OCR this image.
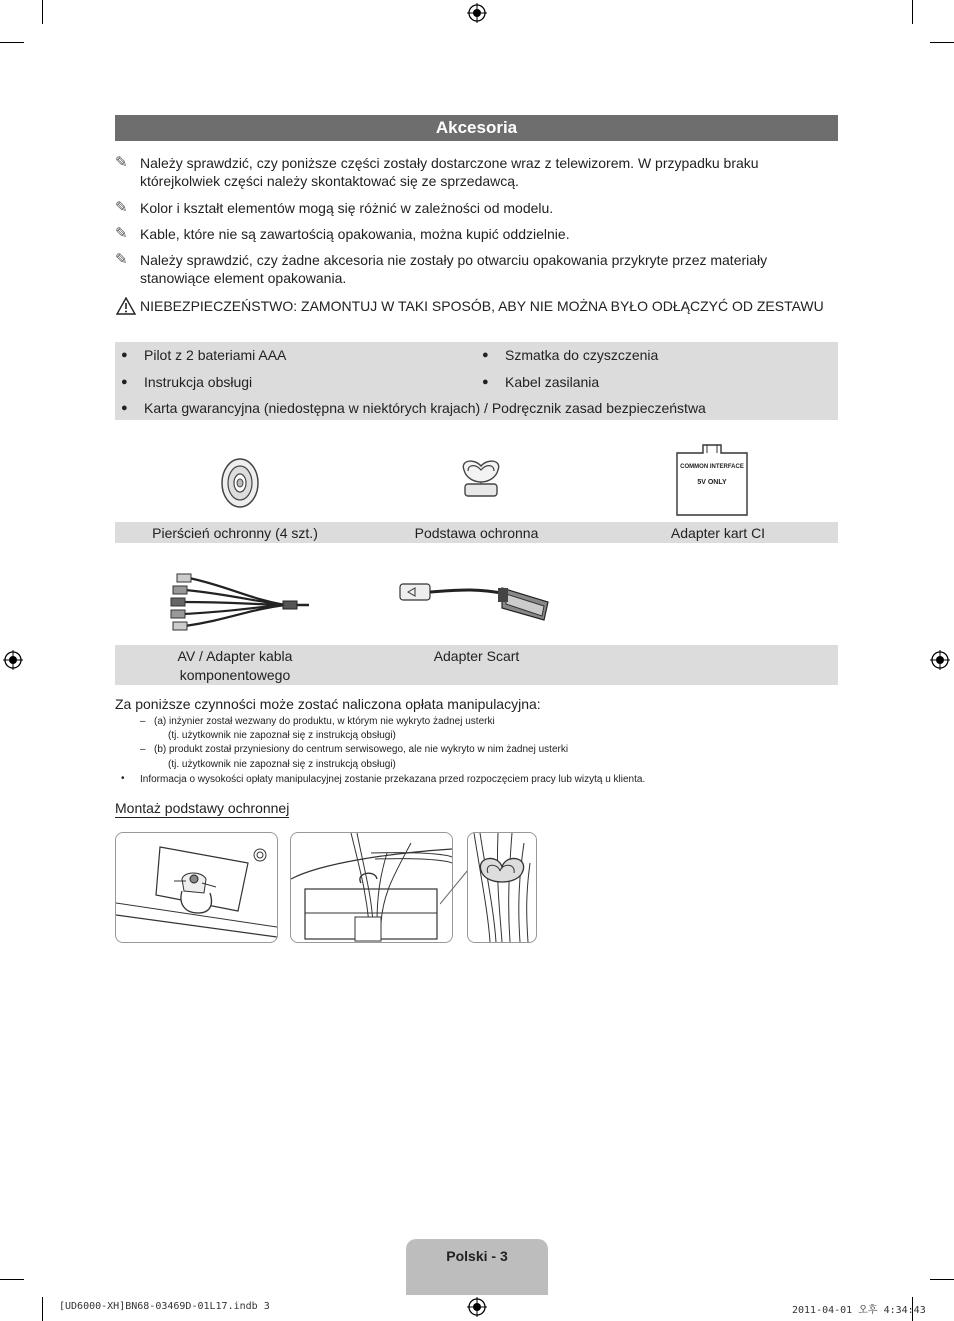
Akcesoria
✎ Należy sprawdzić, czy poniższe części zostały dostarczone wraz z telewizorem. W przypadku braku którejkolwiek części należy skontaktować się ze sprzedawcą.
✎ Kolor i kształt elementów mogą się różnić w zależności od modelu.
✎ Kable, które nie są zawartością opakowania, można kupić oddzielnie.
✎ Należy sprawdzić, czy żadne akcesoria nie zostały po otwarciu opakowania przykryte przez materiały stanowiące element opakowania.
NIEBEZPIECZEŃSTWO: ZAMONTUJ W TAKI SPOSÓB, ABY NIE MOŻNA BYŁO ODŁĄCZYĆ OD ZESTAWU
● Pilot z 2 bateriami AAA	● Szmatka do czyszczenia
● Instrukcja obsługi	● Kabel zasilania
● Karta gwarancyjna (niedostępna w niektórych krajach) / Podręcznik zasad bezpieczeństwa
COMMON INTERFACE
5V ONLY
Pierścień ochronny (4 szt.)	Podstawa ochronna	Adapter kart CI
AV / Adapter kabla
komponentowego
Adapter Scart
Za poniższe czynności może zostać naliczona opłata manipulacyjna:
– (a) inżynier został wezwany do produktu, w którym nie wykryto żadnej usterki
(tj. użytkownik nie zapoznał się z instrukcją obsługi)
– (b) produkt został przyniesiony do centrum serwisowego, ale nie wykryto w nim żadnej usterki
(tj. użytkownik nie zapoznał się z instrukcją obsługi)
• Informacja o wysokości opłaty manipulacyjnej zostanie przekazana przed rozpoczęciem pracy lub wizytą u klienta.
Montaż podstawy ochronnej
Polski - 3
[UD6000-XH]BN68-03469D-01L17.indb 3	2011-04-01 오후 4:34:43
